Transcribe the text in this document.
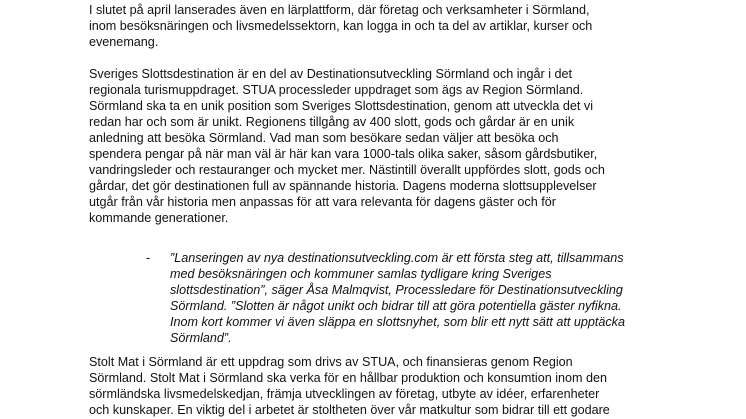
I slutet på april lanserades även en lärplattform, där företag och verksamheter i Sörmland,
inom besöksnäringen och livsmedelssektorn, kan logga in och ta del av artiklar, kurser och
evenemang.

Sveriges Slottsdestination är en del av Destinationsutveckling Sörmland och ingår i det
regionala turismuppdraget. STUA processleder uppdraget som ägs av Region Sörmland.
Sörmland ska ta en unik position som Sveriges Slottsdestination, genom att utveckla det vi
redan har och som är unikt. Regionens tillgång av 400 slott, gods och gårdar är en unik
anledning att besöka Sörmland. Vad man som besökare sedan väljer att besöka och
spendera pengar på när man väl är här kan vara 1000-tals olika saker, såsom gårdsbutiker,
vandringsleder och restauranger och mycket mer. Nästintill överallt uppfördes slott, gods och
gårdar, det gör destinationen full av spännande historia. Dagens moderna slottsupplevelser
utgår från vår historia men anpassas för att vara relevanta för dagens gäster och för
kommande generationer.

- ”Lanseringen av nya destinationsutveckling.com är ett första steg att, tillsammans
med besöksnäringen och kommuner samlas tydligare kring Sveriges
slottsdestination”, säger Åsa Malmqvist, Processledare för Destinationsutveckling
Sörmland. ”Slotten är något unikt och bidrar till att göra potentiella gäster nyfikna.
Inom kort kommer vi även släppa en slottsnyhet, som blir ett nytt sätt att upptäcka
Sörmland”.

Stolt Mat i Sörmland är ett uppdrag som drivs av STUA, och finansieras genom Region
Sörmland. Stolt Mat i Sörmland ska verka för en hållbar produktion och konsumtion inom den
sörmländska livsmedelskedjan, främja utvecklingen av företag, utbyte av idéer, erfarenheter
och kunskaper. En viktig del i arbetet är stoltheten över vår matkultur som bidrar till ett godare
